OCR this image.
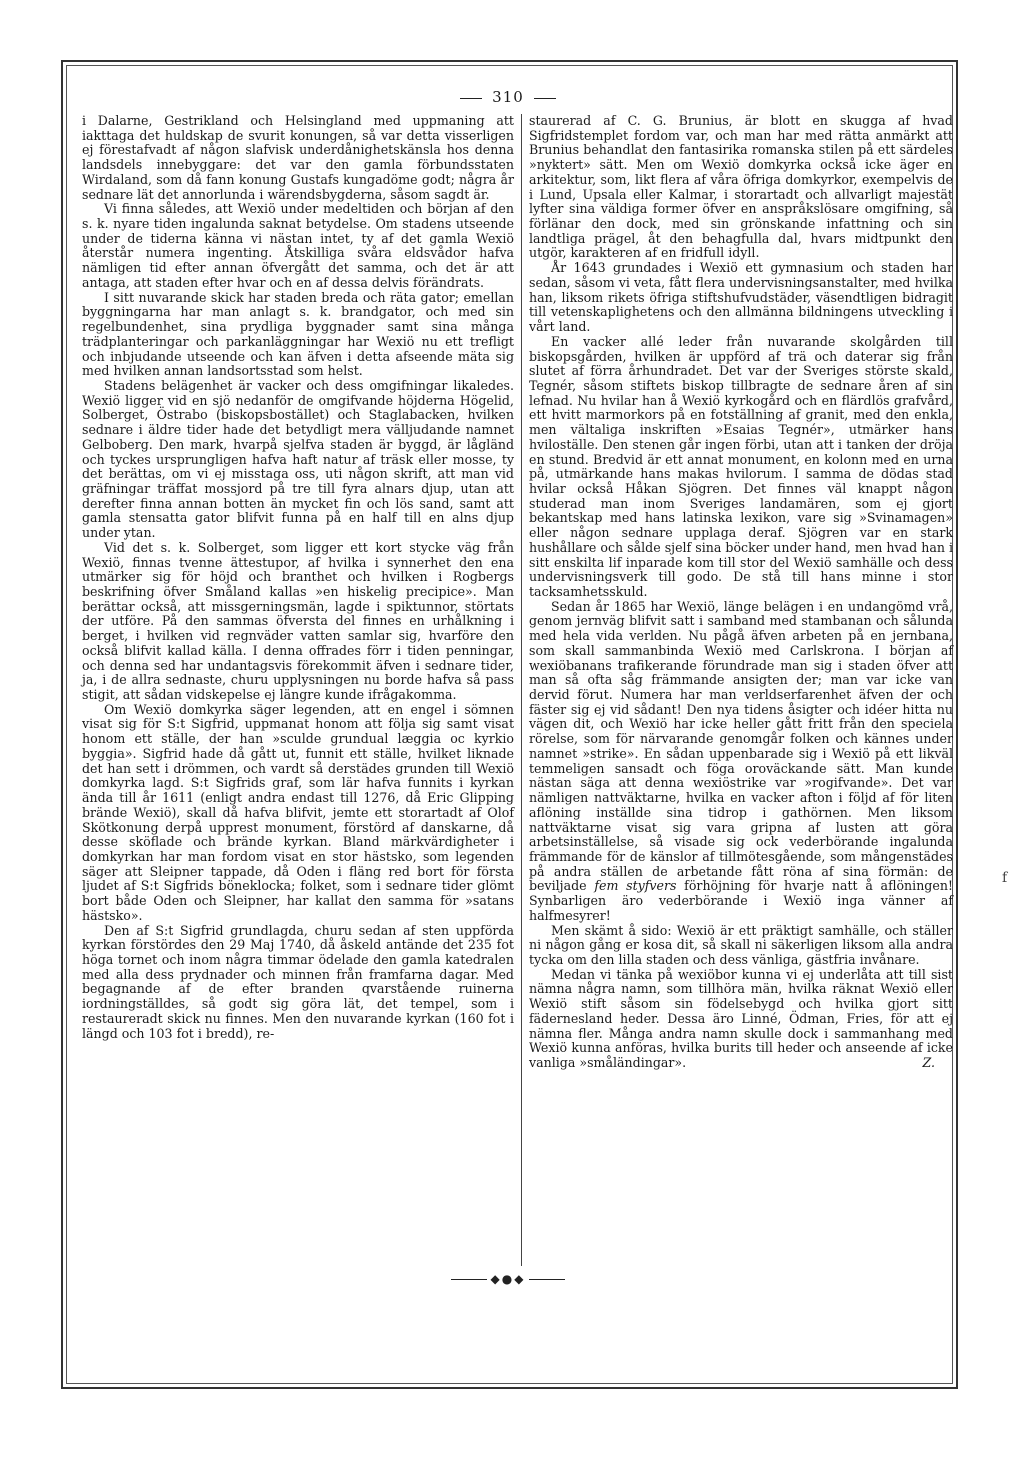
310

i Dalarne, Gestrikland och Helsingland med uppmaning att iakttaga det huldskap de svurit konungen, så var detta visserligen ej förestafvadt af någon slafvisk underdånighetskänsla hos denna landsdels innebyggare: det var den gamla förbundsstaten Wirdaland, som då fann konung Gustafs kungadöme godt; några år sednare lät det annorlunda i wärendsbygderna, såsom sagdt är.

Vi finna således, att Wexiö under medeltiden och början af den s. k. nyare tiden ingalunda saknat betydelse. Om stadens utseende under de tiderna känna vi nästan intet, ty af det gamla Wexiö återstår numera ingenting. Åtskilliga svåra eldsvådor hafva nämligen tid efter annan öfvergått det samma, och det är att antaga, att staden efter hvar och en af dessa delvis förändrats.

I sitt nuvarande skick har staden breda och räta gator; emellan byggningarna har man anlagt s. k. brandgator, och med sin regelbundenhet, sina prydliga byggnader samt sina många trädplanteringar och parkanläggningar har Wexiö nu ett trefligt och inbjudande utseende och kan äfven i detta afseende mäta sig med hvilken annan landsortsstad som helst.

Stadens belägenhet är vacker och dess omgifningar likaledes. Wexiö ligger vid en sjö nedanför de omgifvande höjderna Högelid, Solberget, Östrabo (biskopsbostället) och Staglabacken, hvilken sednare i äldre tider hade det betydligt mera välljudande namnet Gelboberg. Den mark, hvarpå sjelfva staden är byggd, är lågländ och tyckes ursprungligen hafva haft natur af träsk eller mosse, ty det berättas, om vi ej misstaga oss, uti någon skrift, att man vid gräfningar träffat mossjord på tre till fyra alnars djup, utan att derefter finna annan botten än mycket fin och lös sand, samt att gamla stensatta gator blifvit funna på en half till en alns djup under ytan.

Vid det s. k. Solberget, som ligger ett kort stycke väg från Wexiö, finnas tvenne ättestupor, af hvilka i synnerhet den ena utmärker sig för höjd och branthet och hvilken i Rogbergs beskrifning öfver Småland kallas »en hiskelig precipice». Man berättar också, att missgerningsmän, lagde i spiktunnor, störtats der utföre. På den sammas öfversta del finnes en urhålkning i berget, i hvilken vid regnväder vatten samlar sig, hvarföre den också blifvit kallad källa. I denna offrades förr i tiden penningar, och denna sed har undantagsvis förekommit äfven i sednare tider, ja, i de allra sednaste, churu upplysningen nu borde hafva så pass stigit, att sådan vidskepelse ej längre kunde ifrågakomma.

Om Wexiö domkyrka säger legenden, att en engel i sömnen visat sig för S:t Sigfrid, uppmanat honom att följa sig samt visat honom ett ställe, der han »sculde grundual læggia oc kyrkio byggia». Sigfrid hade då gått ut, funnit ett ställe, hvilket liknade det han sett i drömmen, och vardt så derstädes grunden till Wexiö domkyrka lagd. S:t Sigfrids graf, som lär hafva funnits i kyrkan ända till år 1611 (enligt andra endast till 1276, då Eric Glipping brände Wexiö), skall då hafva blifvit, jemte ett storartadt af Olof Skötkonung derpå upprest monument, förstörd af danskarne, då desse sköflade och brände kyrkan. Bland märkvärdigheter i domkyrkan har man fordom visat en stor hästsko, som legenden säger att Sleipner tappade, då Oden i fläng red bort för första ljudet af S:t Sigfrids böneklocka; folket, som i sednare tider glömt bort både Oden och Sleipner, har kallat den samma för »satans hästsko».

Den af S:t Sigfrid grundlagda, churu sedan af sten uppförda kyrkan förstördes den 29 Maj 1740, då åskeld antände det 235 fot höga tornet och inom några timmar ödelade den gamla katedralen med alla dess prydnader och minnen från framfarna dagar. Med begagnande af de efter branden qvarstående ruinerna iordningställdes, så godt sig göra lät, det tempel, som i restaureradt skick nu finnes. Men den nuvarande kyrkan (160 fot i längd och 103 fot i bredd), re-

staurerad af C. G. Brunius, är blott en skugga af hvad Sigfridstemplet fordom var, och man har med rätta anmärkt att Brunius behandlat den fantasirika romanska stilen på ett särdeles »nyktert» sätt. Men om Wexiö domkyrka också icke äger en arkitektur, som, likt flera af våra öfriga domkyrkor, exempelvis de i Lund, Upsala eller Kalmar, i storartadt och allvarligt majestät lyfter sina väldiga former öfver en anspråkslösare omgifning, så förlänar den dock, med sin grönskande infattning och sin landtliga prägel, åt den behagfulla dal, hvars midtpunkt den utgör, karakteren af en fridfull idyll.

År 1643 grundades i Wexiö ett gymnasium och staden har sedan, såsom vi veta, fått flera undervisningsanstalter, med hvilka han, liksom rikets öfriga stiftshufvudstäder, väsendtligen bidragit till vetenskaplighetens och den allmänna bildningens utveckling i vårt land.

En vacker allé leder från nuvarande skolgården till biskopsgården, hvilken är uppförd af trä och daterar sig från slutet af förra århundradet. Det var der Sveriges störste skald, Tegnér, såsom stiftets biskop tillbragte de sednare åren af sin lefnad. Nu hvilar han å Wexiö kyrkogård och en flärdlös grafvård, ett hvitt marmorkors på en fotställning af granit, med den enkla, men vältaliga inskriften »Esaias Tegnér», utmärker hans hviloställe. Den stenen går ingen förbi, utan att i tanken der dröja en stund. Bredvid är ett annat monument, en kolonn med en urna på, utmärkande hans makas hvilorum. I samma de dödas stad hvilar också Håkan Sjögren. Det finnes väl knappt någon studerad man inom Sveriges landamären, som ej gjort bekantskap med hans latinska lexikon, vare sig »Svinamagen» eller någon sednare upplaga deraf. Sjögren var en stark hushållare och sålde sjelf sina böcker under hand, men hvad han i sitt enskilta lif inparade kom till stor del Wexiö samhälle och dess undervisningsverk till godo. De stå till hans minne i stor tacksamhetsskuld.

Sedan år 1865 har Wexiö, länge belägen i en undangömd vrå, genom jernväg blifvit satt i samband med stambanan och sålunda med hela vida verlden. Nu pågå äfven arbeten på en jernbana, som skall sammanbinda Wexiö med Carlskrona. I början af wexiöbanans trafikerande förundrade man sig i staden öfver att man så ofta såg främmande ansigten der; man var icke van dervid förut. Numera har man verldserfarenhet äfven der och fäster sig ej vid sådant! Den nya tidens åsigter och idéer hitta nu vägen dit, och Wexiö har icke heller gått fritt från den speciela rörelse, som för närvarande genomgår folken och kännes under namnet »strike». En sådan uppenbarade sig i Wexiö på ett likväl temmeligen sansadt och föga oroväckande sätt. Man kunde nästan säga att denna wexiöstrike var »rogifvande». Det var nämligen nattväktarne, hvilka en vacker afton i följd af för liten aflöning inställde sina tidrop i gathörnen. Men liksom nattväktarne visat sig vara gripna af lusten att göra arbetsinställelse, så visade sig ock vederbörande ingalunda främmande för de känslor af tillmötesgående, som mångenstädes på andra ställen de arbetande fått röna af sina förmän: de beviljade fem styfvers förhöjning för hvarje natt å aflöningen! Synbarligen äro vederbörande i Wexiö inga vänner af halfmesyrer!

Men skämt å sido: Wexiö är ett präktigt samhälle, och ställer ni någon gång er kosa dit, så skall ni säkerligen liksom alla andra tycka om den lilla staden och dess vänliga, gästfria invånare.

Medan vi tänka på wexiöbor kunna vi ej underlåta att till sist nämna några namn, som tillhöra män, hvilka räknat Wexiö eller Wexiö stift såsom sin födelsebygd och hvilka gjort sitt fädernesland heder. Dessa äro Linné, Ödman, Fries, för att ej nämna fler. Många andra namn skulle dock i sammanhang med Wexiö kunna anföras, hvilka burits till heder och anseende af icke vanliga »småländingar».	Z.

◆●◆
f
